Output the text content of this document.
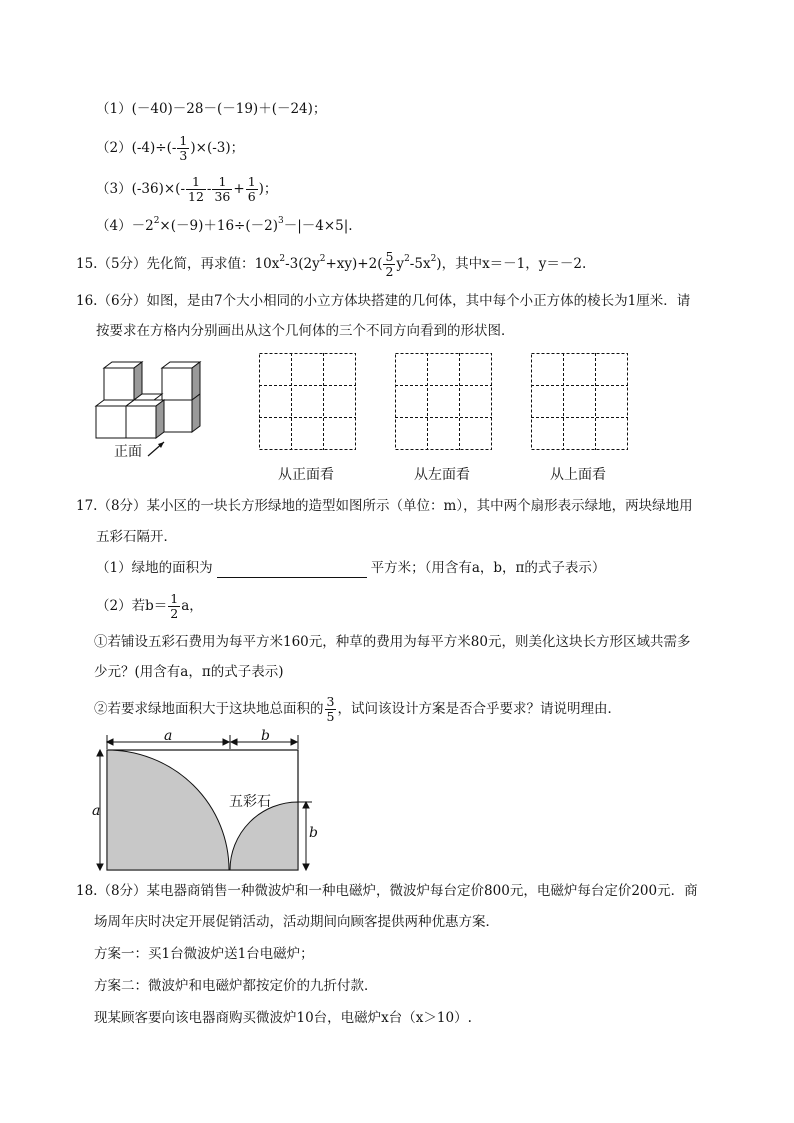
（1）(－40)－28－(－19)＋(－24)；
$(2)(-4)\div(- \frac{1}{3} )\times(-3)$；
$(3)(-36)\times(- \frac{1}{12} - \frac{1}{36} + \frac{1}{6}$ )；
$(4)-2^2\times(-9)+16\div(-2)^3-|-4\times 5|$.
15.（5分）先化简，再求值：$10x^2-3(2y^2+xy)+2( \frac{5}{2} y^2-5x^2)$，其中x＝－1，y＝－2.
16.（6分）如图，是由7个大小相同的小立方体块搭建的几何体，其中每个小正方体的棱长为1厘米．请
按要求在方格内分别画出从这个几何体的三个不同方向看到的形状图．
正面
从正面看	从左面看	从上面看
17.（8分）某小区的一块长方形绿地的造型如图所示（单位：m），其中两个扇形表示绿地，两块绿地用
五彩石隔开．
（1）绿地的面积为	平方米；（用含有a，b，π的式子表示）
（2）若$b= \frac{1}{2}$ a，
①若铺设五彩石费用为每平方米160元，种草的费用为每平方米80元，则美化这块长方形区域共需多
少元？(用含有a，π的式子表示)
②若要求绿地面积大于这块地总面积的 $\frac{3}{5}$ ，试问该设计方案是否合乎要求？请说明理由．
a	b
a
b
五彩石
18.（8分）某电器商销售一种微波炉和一种电磁炉，微波炉每台定价800元，电磁炉每台定价200元．商
场周年庆时决定开展促销活动，活动期间向顾客提供两种优惠方案．
方案一：买1台微波炉送1台电磁炉；
方案二：微波炉和电磁炉都按定价的九折付款．
现某顾客要向该电器商购买微波炉10台，电磁炉x台（x＞10）.
